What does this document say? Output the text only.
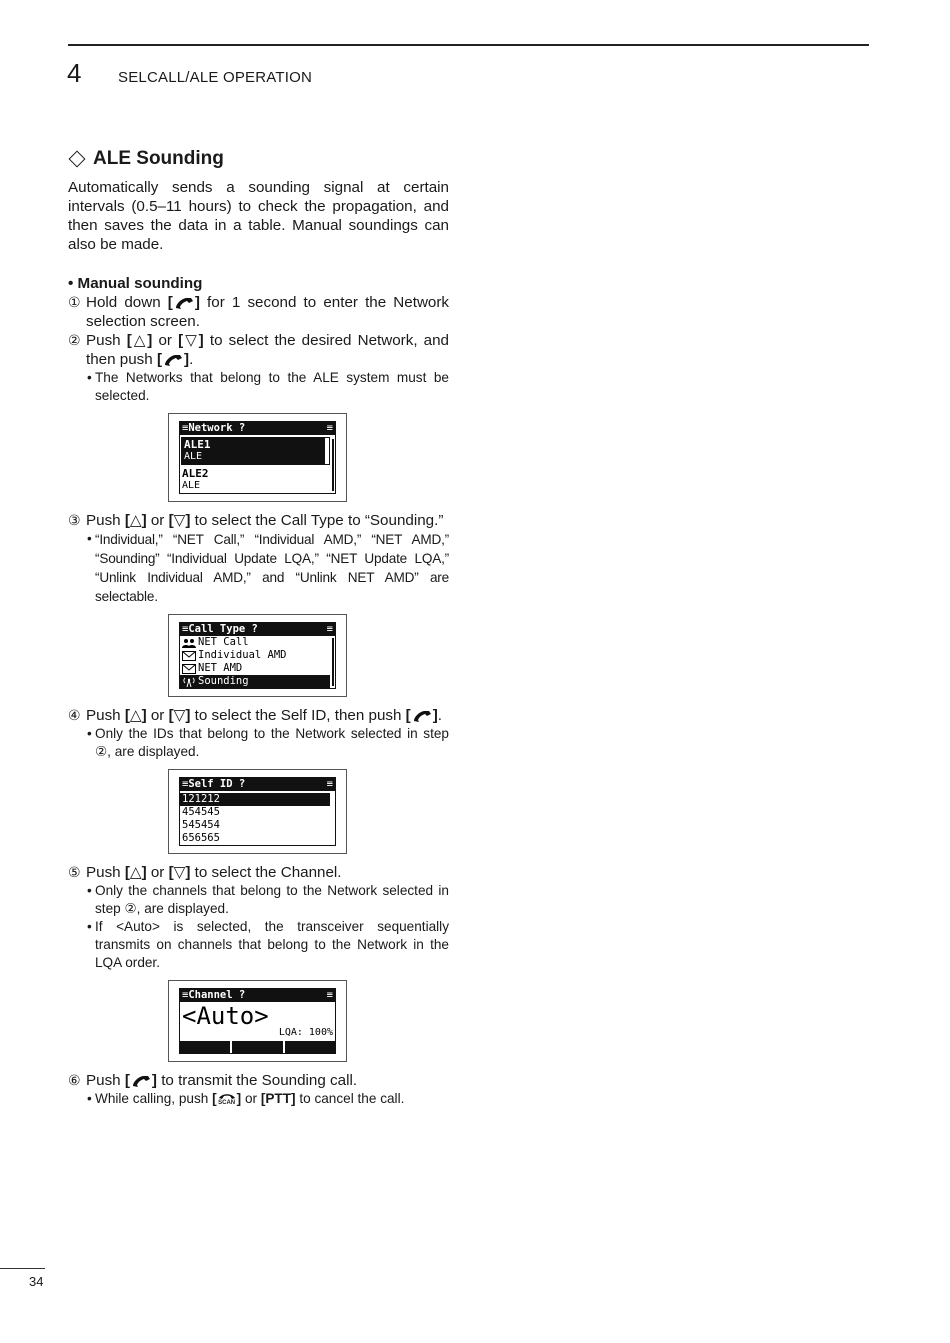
4 SELCALL/ALE OPERATION
ALE Sounding

Automatically sends a sounding signal at certain intervals (0.5–11 hours) to check the propagation, and then saves the data in a table. Manual soundings can also be made.

• Manual sounding

① Hold down [ ] for 1 second to enter the Network selection screen.
② Push [△] or [▽] to select the desired Network, and then push [ ].
• The Networks that belong to the ALE system must be selected.
≡Network ?	≡
ALE1
ALE
ALE2
ALE
③ Push [△] or [▽] to select the Call Type to “Sounding.”
• “Individual,” “NET Call,” “Individual AMD,” “NET AMD,” “Sounding” “Individual Update LQA,” “NET Update LQA,” “Unlink Individual AMD,” and “Unlink NET AMD” are selectable.
≡Call Type ?	≡
NET Call
Individual AMD
NET AMD
Sounding
④ Push [△] or [▽] to select the Self ID, then push [ ].
• Only the IDs that belong to the Network selected in step ②, are displayed.
≡Self ID ?	≡
121212
454545
545454
656565
⑤ Push [△] or [▽] to select the Channel.
• Only the channels that belong to the Network selected in step ②, are displayed.
• If <Auto> is selected, the transceiver sequentially transmits on channels that belong to the Network in the LQA order.
≡Channel ?	≡
<Auto>
LQA: 100%
⑥ Push [ ] to transmit the Sounding call.
• While calling, push [ SCAN ] or [PTT] to cancel the call.
34
